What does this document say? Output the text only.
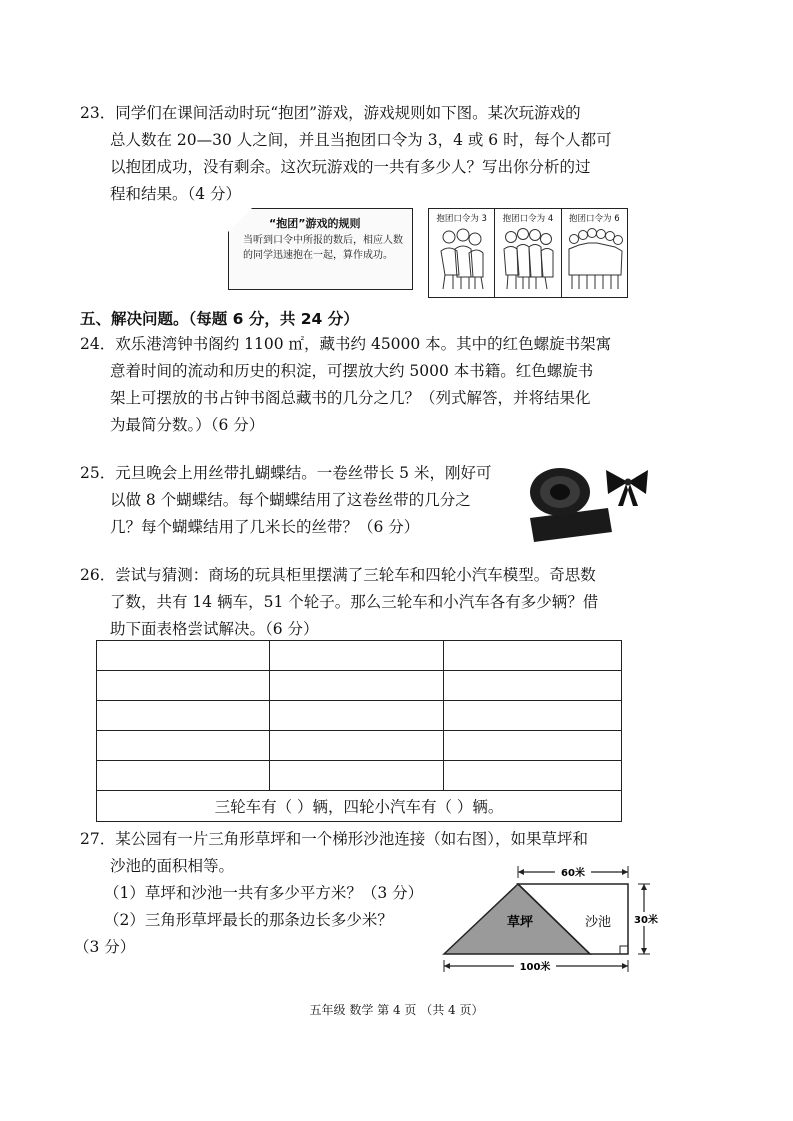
23．同学们在课间活动时玩“抱团”游戏，游戏规则如下图。某次玩游戏的
总人数在 20—30 人之间，并且当抱团口令为 3，4 或 6 时，每个人都可
以抱团成功，没有剩余。这次玩游戏的一共有多少人？写出你分析的过
程和结果。（4 分）
“抱团”游戏的规则
当听到口令中所报的数后，相应人数的同学迅速抱在一起，算作成功。
抱团口令为 3	抱团口令为 4	抱团口令为 6
五、解决问题。（每题 6 分，共 24 分）
24．欢乐港湾钟书阁约 1100 ㎡，藏书约 45000 本。其中的红色螺旋书架寓
意着时间的流动和历史的积淀，可摆放大约 5000 本书籍。红色螺旋书
架上可摆放的书占钟书阁总藏书的几分之几？（列式解答，并将结果化
为最简分数。）（6 分）
25．元旦晚会上用丝带扎蝴蝶结。一卷丝带长 5 米，刚好可
以做 8 个蝴蝶结。每个蝴蝶结用了这卷丝带的几分之
几？每个蝴蝶结用了几米长的丝带？（6 分）
26．尝试与猜测：商场的玩具柜里摆满了三轮车和四轮小汽车模型。奇思数
了数，共有 14 辆车，51 个轮子。那么三轮车和小汽车各有多少辆？借
助下面表格尝试解决。（6 分）

三轮车有（ ）辆，四轮小汽车有（ ）辆。		
27．某公园有一片三角形草坪和一个梯形沙池连接（如右图），如果草坪和
沙池的面积相等。
（1）草坪和沙池一共有多少平方米？（3 分）
（2）三角形草坪最长的那条边长多少米？
（3 分）
60米
草坪	沙池 30米
100米
五年级 数学 第 4 页 （共 4 页）
